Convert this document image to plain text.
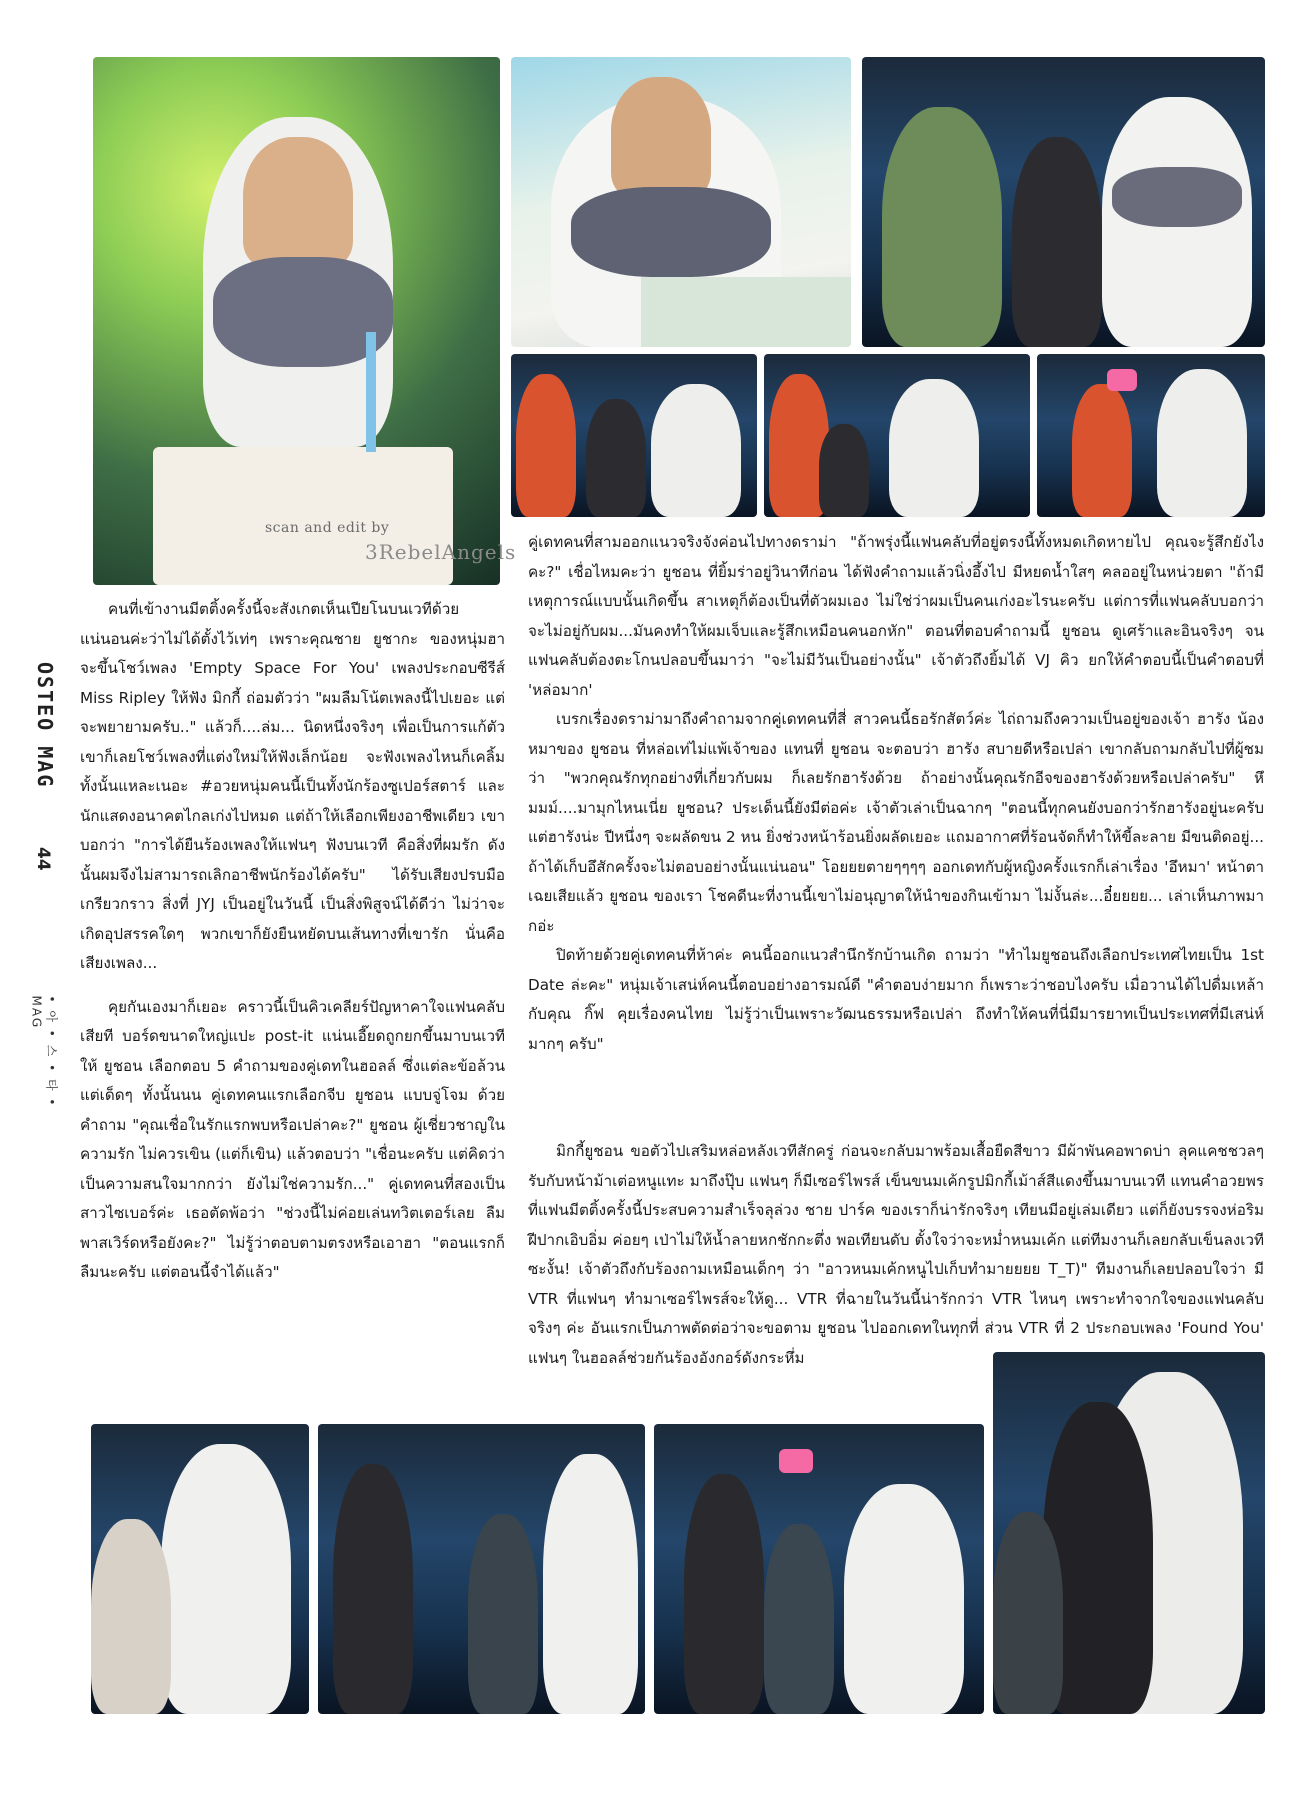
OSTEO MAG
44
• 아 • 스 • 타 • MAG
scan and edit by
3RebelAngels

คนที่เข้างานมีตติ้งครั้งนี้จะสังเกตเห็นเปียโนบนเวทีด้วย แน่นอนค่ะว่าไม่ได้ตั้งไว้เท่ๆ เพราะคุณชาย ยูชากะ ของหนุ่มฮา จะขึ้นโชว์เพลง 'Empty Space For You' เพลงประกอบซีรีส์ Miss Ripley ให้ฟัง มิกกี้ ถ่อมตัวว่า "ผมลืมโน้ตเพลงนี้ไปเยอะ แต่จะพยายามครับ.." แล้วก็....ล่ม... นิดหนึ่งจริงๆ เพื่อเป็นการแก้ตัว เขาก็เลยโชว์เพลงที่แต่งใหม่ให้ฟังเล็กน้อย จะฟังเพลงไหนก็เคลิ้มทั้งนั้นแหละเนอะ #อวยหนุ่มคนนี้เป็นทั้งนักร้องซูเปอร์สตาร์ และนักแสดงอนาคตไกลเก่งไปหมด แต่ถ้าให้เลือกเพียงอาชีพเดียว เขาบอกว่า "การได้ยืนร้องเพลงให้แฟนๆ ฟังบนเวที คือสิ่งที่ผมรัก ดังนั้นผมจึงไม่สามารถเลิกอาชีพนักร้องได้ครับ" ได้รับเสียงปรบมือเกรียวกราว สิ่งที่ JYJ เป็นอยู่ในวันนี้ เป็นสิ่งพิสูจน์ได้ดีว่า ไม่ว่าจะเกิดอุปสรรคใดๆ พวกเขาก็ยังยืนหยัดบนเส้นทางที่เขารัก นั่นคือเสียงเพลง...

คุยกันเองมาก็เยอะ คราวนี้เป็นคิวเคลียร์ปัญหาคาใจแฟนคลับเสียที บอร์ดขนาดใหญ่แปะ post-it แน่นเอี๊ยดถูกยกขึ้นมาบนเวที ให้ ยูชอน เลือกตอบ 5 คำถามของคู่เดทในฮอลล์ ซึ่งแต่ละข้อล้วนแต่เด็ดๆ ทั้งนั้นนน คู่เดทคนแรกเลือกจีบ ยูชอน แบบจู่โจม ด้วยคำถาม "คุณเชื่อในรักแรกพบหรือเปล่าคะ?" ยูชอน ผู้เชี่ยวชาญในความรัก ไม่ควรเขิน (แต่ก็เขิน) แล้วตอบว่า "เชื่อนะครับ แต่คิดว่าเป็นความสนใจมากกว่า ยังไม่ใช่ความรัก..." คู่เดทคนที่สองเป็นสาวไซเบอร์ค่ะ เธอตัดพ้อว่า "ช่วงนี้ไม่ค่อยเล่นทวิตเตอร์เลย ลืมพาสเวิร์ดหรือยังคะ?" ไม่รู้ว่าตอบตามตรงหรือเอาฮา "ตอนแรกก็ลืมนะครับ แต่ตอนนี้จำได้แล้ว"

คู่เดทคนที่สามออกแนวจริงจังค่อนไปทางดราม่า "ถ้าพรุ่งนี้แฟนคลับที่อยู่ตรงนี้ทั้งหมดเกิดหายไป คุณจะรู้สึกยังไงคะ?" เชื่อไหมคะว่า ยูชอน ที่ยิ้มร่าอยู่วินาทีก่อน ได้ฟังคำถามแล้วนิ่งอึ้งไป มีหยดน้ำใสๆ คลออยู่ในหน่วยตา "ถ้ามีเหตุการณ์แบบนั้นเกิดขึ้น สาเหตุก็ต้องเป็นที่ตัวผมเอง ไม่ใช่ว่าผมเป็นคนเก่งอะไรนะครับ แต่การที่แฟนคลับบอกว่าจะไม่อยู่กับผม...มันคงทำให้ผมเจ็บและรู้สึกเหมือนคนอกหัก" ตอนที่ตอบคำถามนี้ ยูชอน ดูเศร้าและอินจริงๆ จนแฟนคลับต้องตะโกนปลอบขึ้นมาว่า "จะไม่มีวันเป็นอย่างนั้น" เจ้าตัวถึงยิ้มได้ VJ คิว ยกให้คำตอบนี้เป็นคำตอบที่ 'หล่อมาก'

เบรกเรื่องดราม่ามาถึงคำถามจากคู่เดทคนที่สี่ สาวคนนี้ธอรักสัตว์ค่ะ ไถ่ถามถึงความเป็นอยู่ของเจ้า ฮารัง น้องหมาของ ยูชอน ที่หล่อเท่ไม่แพ้เจ้าของ แทนที่ ยูชอน จะตอบว่า ฮารัง สบายดีหรือเปล่า เขากลับถามกลับไปที่ผู้ชมว่า "พวกคุณรักทุกอย่างที่เกี่ยวกับผม ก็เลยรักฮารังด้วย ถ้าอย่างนั้นคุณรักอีจของฮารังด้วยหรือเปล่าครับ" หึมมม์....มามุกไหนเนี่ย ยูชอน? ประเด็นนี้ยังมีต่อค่ะ เจ้าตัวเล่าเป็นฉากๆ "ตอนนี้ทุกคนยังบอกว่ารักฮารังอยู่นะครับ แต่ฮารังน่ะ ปีหนึ่งๆ จะผลัดขน 2 หน ยิ่งช่วงหน้าร้อนยิ่งผลัดเยอะ แถมอากาศที่ร้อนจัดก็ทำให้ขี้ละลาย มีขนติดอยู่... ถ้าได้เก็บอึสักครั้งจะไม่ตอบอย่างนั้นแน่นอน" โอยยยตายๆๆๆๆ ออกเดทกับผู้หญิงครั้งแรกก็เล่าเรื่อง 'อึหมา' หน้าตาเฉยเสียแล้ว ยูชอน ของเรา โชคดีนะที่งานนี้เขาไม่อนุญาตให้นำของกินเข้ามา ไม่งั้นล่ะ...อี๋ยยยย... เล่าเห็นภาพมากอ่ะ

ปิดท้ายด้วยคู่เดทคนที่ห้าค่ะ คนนี้ออกแนวสำนึกรักบ้านเกิด ถามว่า "ทำไมยูชอนถึงเลือกประเทศไทยเป็น 1st Date ล่ะคะ" หนุ่มเจ้าเสน่ห์คนนี้ตอบอย่างอารมณ์ดี "คำตอบง่ายมาก ก็เพราะว่าชอบไงครับ เมื่อวานได้ไปดื่มเหล้ากับคุณ กิ๊ฟ คุยเรื่องคนไทย ไม่รู้ว่าเป็นเพราะวัฒนธรรมหรือเปล่า ถึงทำให้คนที่นี่มีมารยาทเป็นประเทศที่มีเสน่ห์มากๆ ครับ"

มิกกี้ยูชอน ขอตัวไปเสริมหล่อหลังเวทีสักครู่ ก่อนจะกลับมาพร้อมเสื้อยืดสีขาว มีผ้าพันคอพาดบ่า ลุคแคชชวลๆ รับกับหน้าม้าเต่อหนูแทะ มาถึงปุ๊บ แฟนๆ ก็มีเซอร์ไพรส์ เข็นขนมเค้กรูปมิกกี้เม้าส์สีแดงขึ้นมาบนเวที แทนคำอวยพรที่แฟนมีตติ้งครั้งนี้ประสบความสำเร็จลุล่วง ชาย ปาร์ค ของเราก็น่ารักจริงๆ เทียนมีอยู่เล่มเดียว แต่ก็ยังบรรจงห่อริมฝีปากเอิบอิ่ม ค่อยๆ เป่าไม่ให้น้ำลายหกชักกะตึ่ง พอเทียนดับ ตั้งใจว่าจะหม่ำหนมเค้ก แต่ทีมงานก็เลยกลับเข็นลงเวทีซะงั้น! เจ้าตัวถึงกับร้องถามเหมือนเด็กๆ ว่า "อาวหนมเค้กหนูไปเก็บทำมายยยย T_T)" ทีมงานก็เลยปลอบใจว่า มี VTR ที่แฟนๆ ทำมาเซอร์ไพรส์จะให้ดู... VTR ที่ฉายในวันนี้น่ารักกว่า VTR ไหนๆ เพราะทำจากใจของแฟนคลับจริงๆ ค่ะ อันแรกเป็นภาพตัดต่อว่าจะขอตาม ยูชอน ไปออกเดทในทุกที่ ส่วน VTR ที่ 2 ประกอบเพลง 'Found You' แฟนๆ ในฮอลล์ช่วยกันร้องอังกอร์ดังกระหึ่ม
